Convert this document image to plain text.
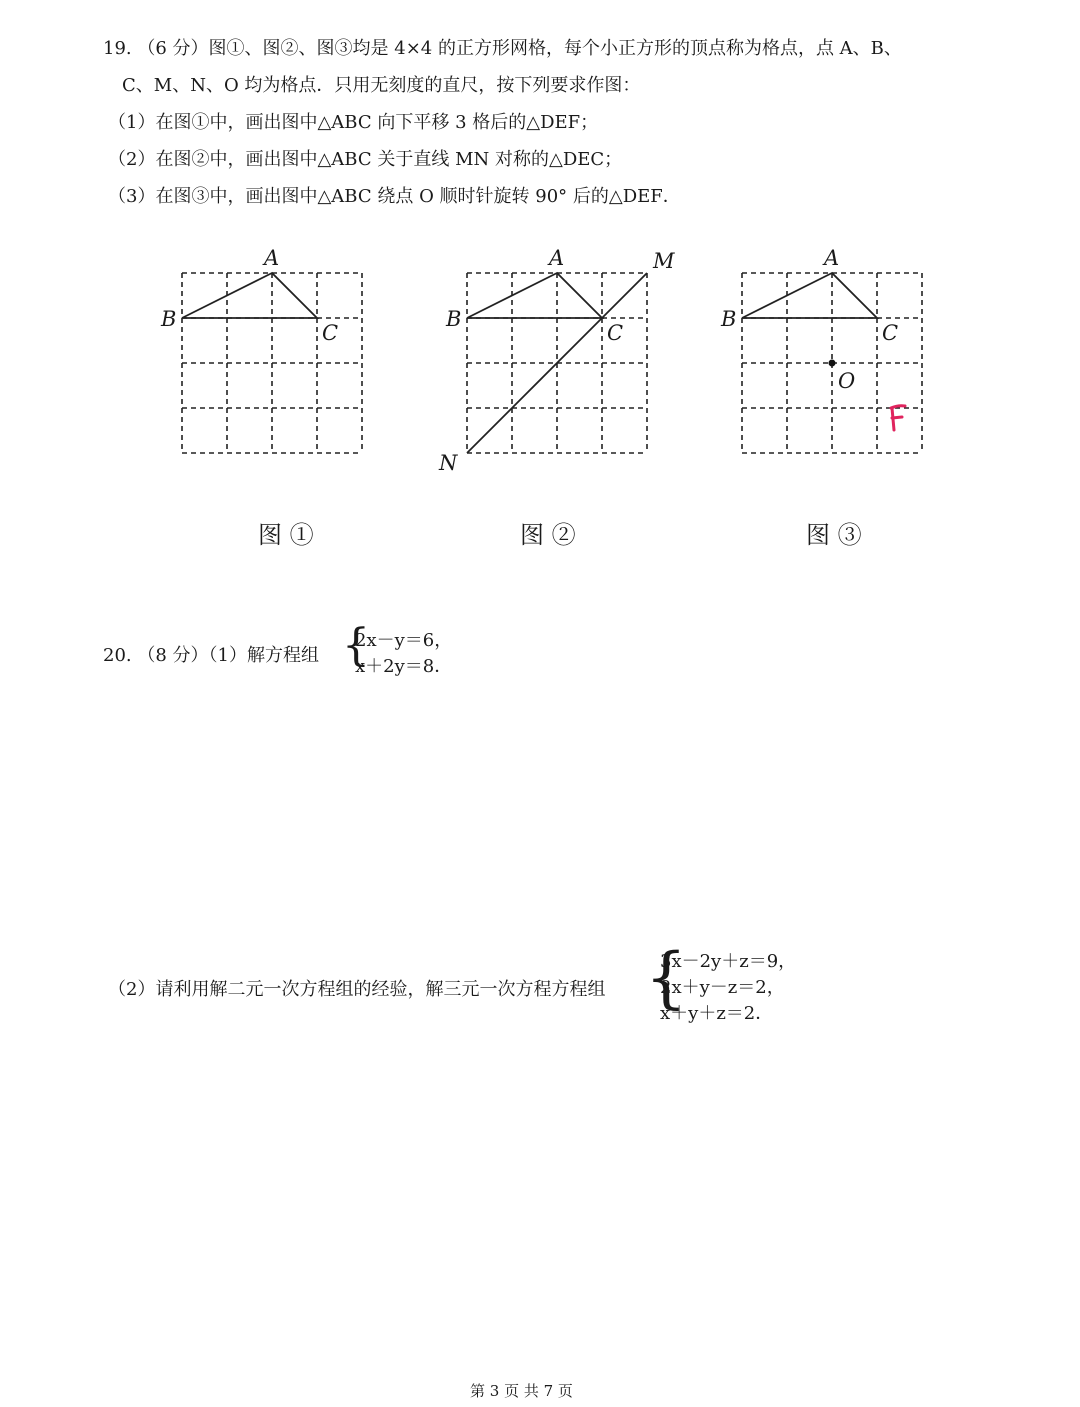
19. （6 分）图①、图②、图③均是 4×4 的正方形网格，每个小正方形的顶点称为格点，点 A、B、
C、M、N、O 均为格点．只用无刻度的直尺，按下列要求作图：
（1）在图①中，画出图中△ABC 向下平移 3 格后的△DEF；
（2）在图②中，画出图中△ABC 关于直线 MN 对称的△DEC；
（3）在图③中，画出图中△ABC 绕点 O 顺时针旋转 90° 后的△DEF．
A
B
C
A
B
C
M
N
A
B
C
O
图 ①	图 ②	图 ③
20. （8 分）（1）解方程组 {
2x－y＝6，
x＋2y＝8．
（2）请利用解二元一次方程组的经验，解三元一次方程方程组 {
3x－2y＋z＝9，
2x＋y－z＝2，
x＋y＋z＝2．
第 3 页 共 7 页
